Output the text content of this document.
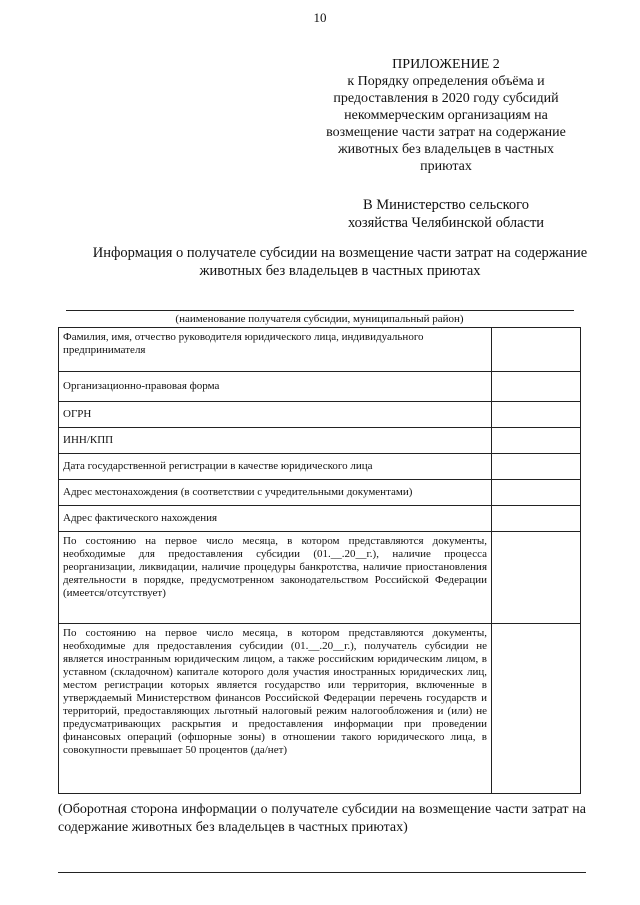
10
ПРИЛОЖЕНИЕ 2
к Порядку определения объёма и предоставления в 2020 году субсидий некоммерческим организациям на возмещение части затрат на содержание животных без владельцев в частных приютах
В Министерство сельского хозяйства Челябинской области
Информация о получателе субсидии на возмещение части затрат на содержание животных без владельцев в частных приютах
(наименование получателя субсидии, муниципальный район)	
Фамилия, имя, отчество руководителя юридического лица, индивидуального предпринимателя	
Организационно-правовая форма	
ОГРН	
ИНН/КПП	
Дата государственной регистрации в качестве юридического лица	
Адрес местонахождения (в соответствии с учредительными документами)	
Адрес фактического нахождения	
По состоянию на первое число месяца, в котором представляются документы, необходимые для предоставления субсидии (01.__.20__г.), наличие процесса реорганизации, ликвидации, наличие процедуры банкротства, наличие приостановления деятельности в порядке, предусмотренном законодательством Российской Федерации (имеется/отсутствует)	
По состоянию на первое число месяца, в котором представляются документы, необходимые для предоставления субсидии (01.__.20__г.), получатель субсидии не является иностранным юридическим лицом, а также российским юридическим лицом, в уставном (складочном) капитале которого доля участия иностранных юридических лиц, местом регистрации которых является государство или территория, включенные в утверждаемый Министерством финансов Российской Федерации перечень государств и территорий, предоставляющих льготный налоговый режим налогообложения и (или) не предусматривающих раскрытия и предоставления информации при проведении финансовых операций (офшорные зоны) в отношении такого юридического лица, в совокупности превышает 50 процентов (да/нет)	
(Оборотная сторона информации о получателе субсидии на возмещение части затрат на содержание животных без владельцев в частных приютах)
